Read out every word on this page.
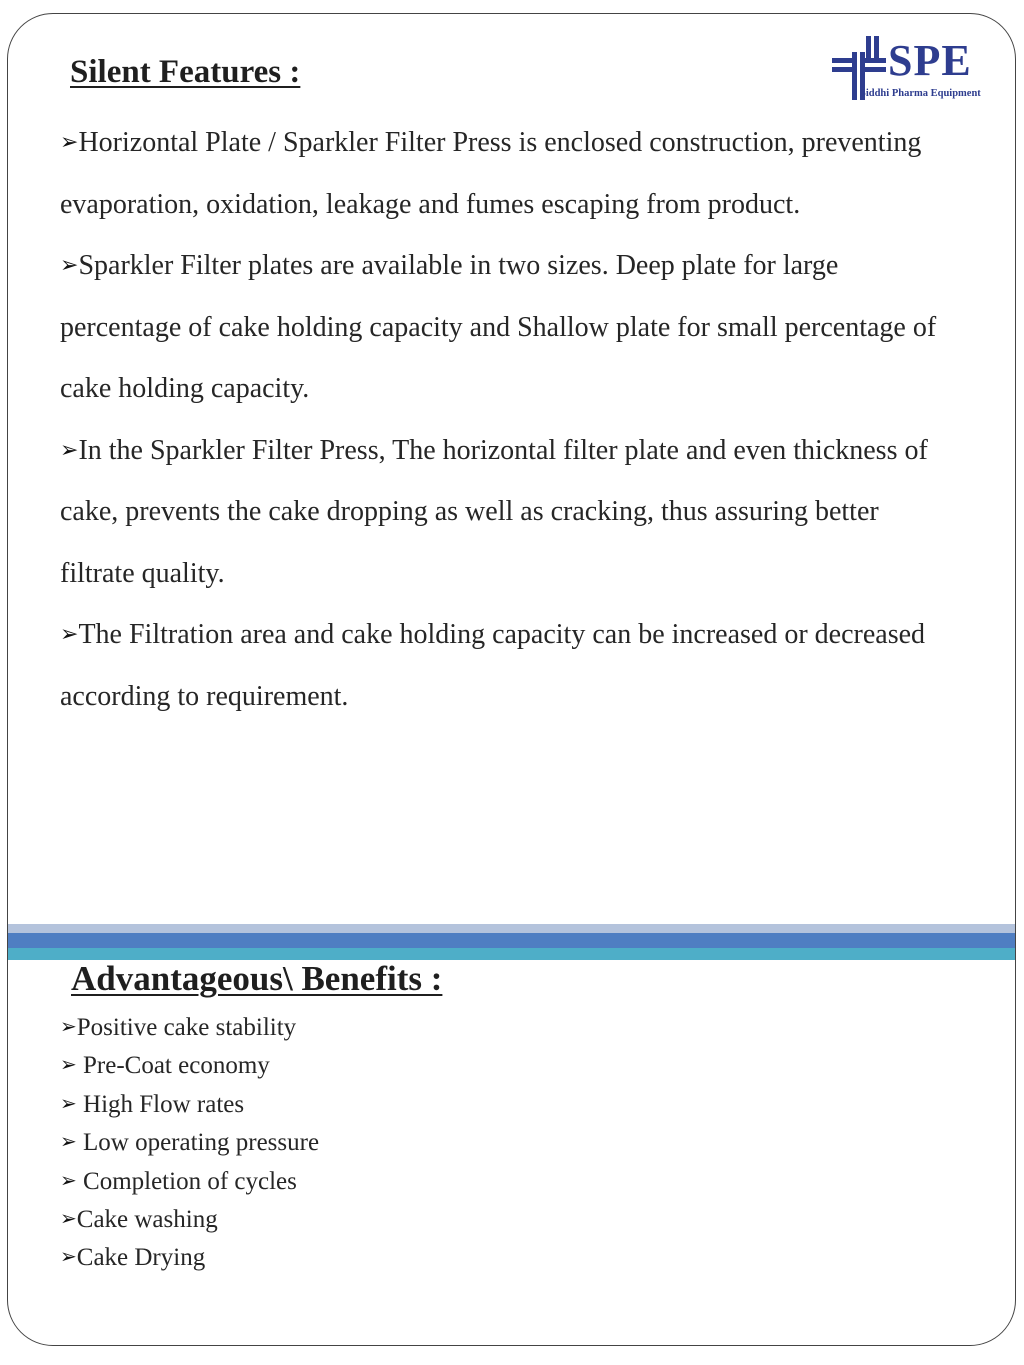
Silent Features :	SPE
Siddhi Pharma Equipment

➢Horizontal Plate / Sparkler Filter Press is enclosed construction, preventing evaporation, oxidation, leakage and fumes escaping from product.

➢Sparkler Filter plates are available in two sizes. Deep plate for large percentage of cake holding capacity and Shallow plate for small percentage of cake holding capacity.

➢In the Sparkler Filter Press, The horizontal filter plate and even thickness of cake, prevents the cake dropping as well as cracking, thus assuring better filtrate quality.

➢The Filtration area and cake holding capacity can be increased or decreased according to requirement.

Advantageous\ Benefits :
➢Positive cake stability
➢ Pre-Coat economy
➢ High Flow rates
➢ Low operating pressure
➢ Completion of cycles
➢Cake washing
➢Cake Drying
